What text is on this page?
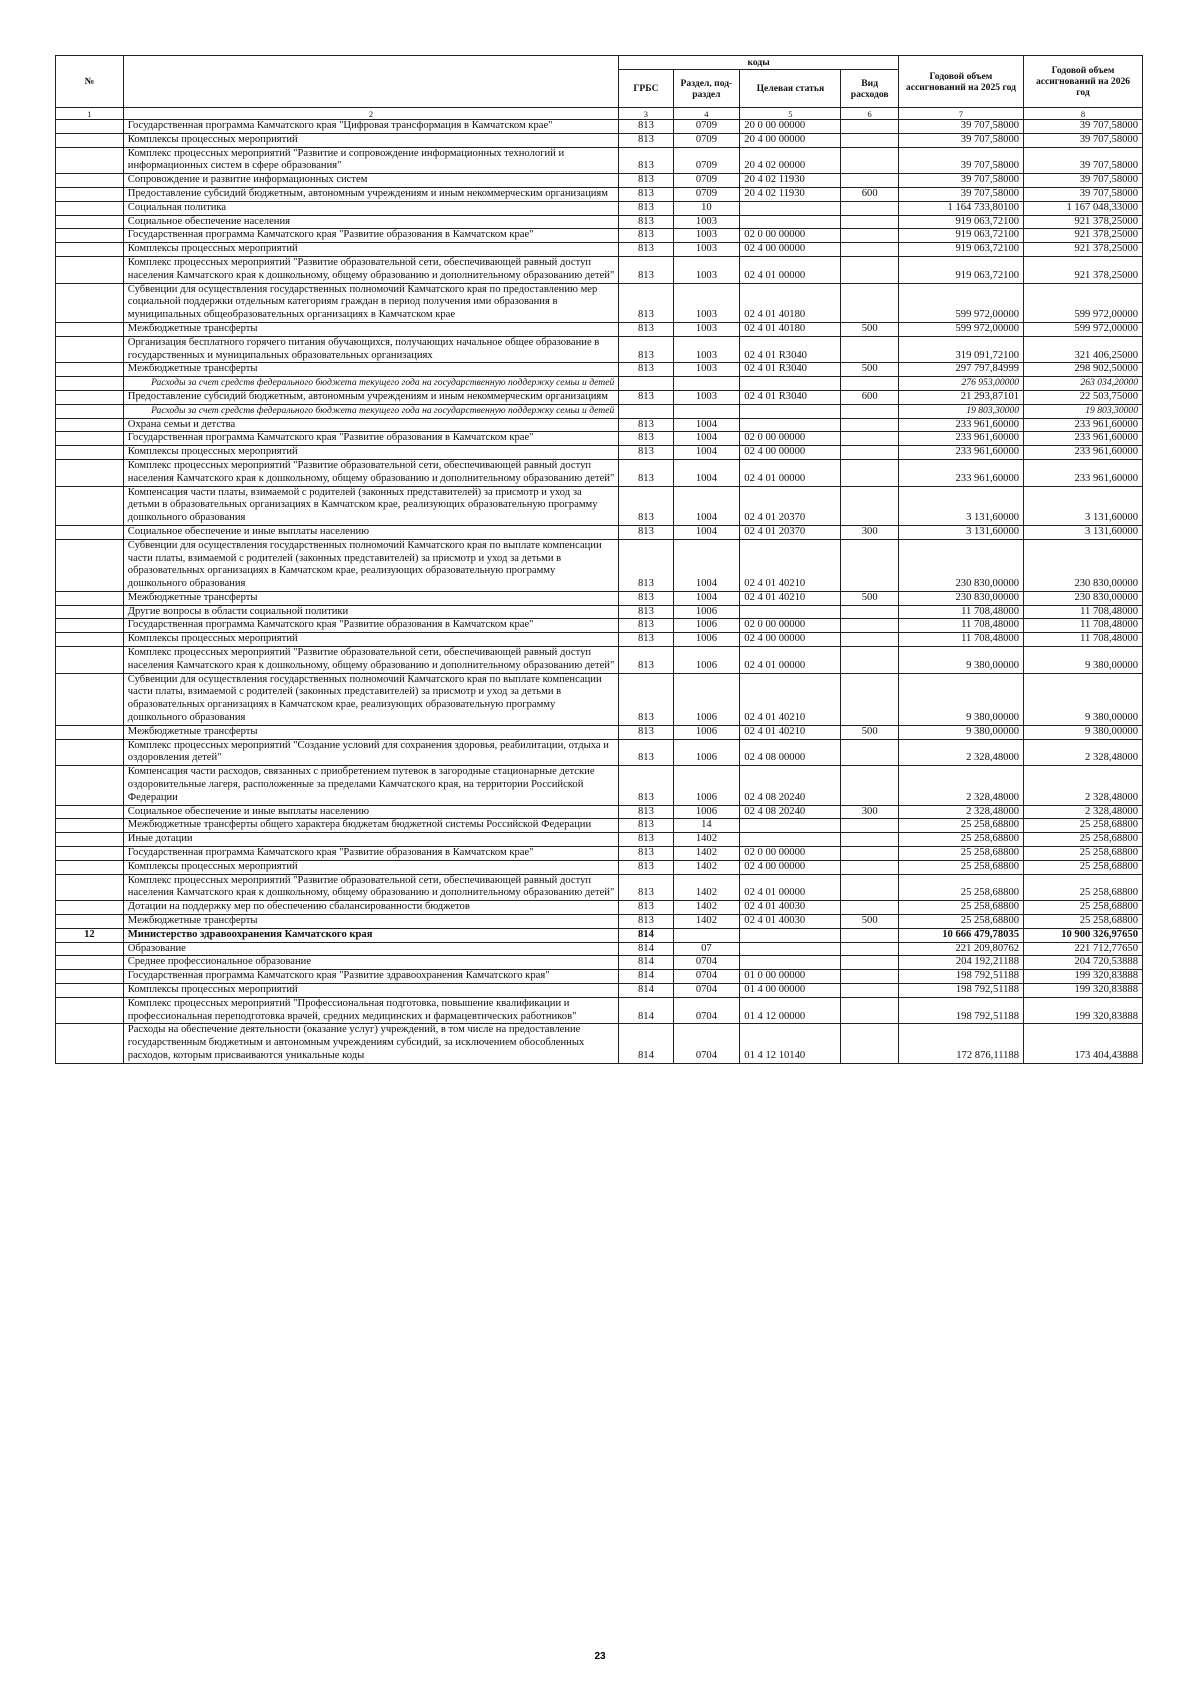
№		коды				Годовой объем ассигнований на 2025 год	Годовой объем ассигнований на 2026 год
		ГРБС	Раздел, под-раздел	Целевая статья	Вид расходов		
1	2	3	4	5	6	7	8
	Государственная программа Камчатского края "Цифровая трансформация в Камчатском крае"	813	0709	20 0 00 00000		39 707,58000	39 707,58000
	Комплексы процессных мероприятий	813	0709	20 4 00 00000		39 707,58000	39 707,58000
	Комплекс процессных мероприятий "Развитие и сопровождение информационных технологий и информационных систем в сфере образования"	813	0709	20 4 02 00000		39 707,58000	39 707,58000
	Сопровождение и развитие информационных систем	813	0709	20 4 02 11930		39 707,58000	39 707,58000
	Предоставление субсидий бюджетным, автономным учреждениям и иным некоммерческим организациям	813	0709	20 4 02 11930	600	39 707,58000	39 707,58000
	Социальная политика	813	10			1 164 733,80100	1 167 048,33000
	Социальное обеспечение населения	813	1003			919 063,72100	921 378,25000
	Государственная программа Камчатского края "Развитие образования в Камчатском крае"	813	1003	02 0 00 00000		919 063,72100	921 378,25000
	Комплексы процессных мероприятий	813	1003	02 4 00 00000		919 063,72100	921 378,25000
	Комплекс процессных мероприятий "Развитие образовательной сети, обеспечивающей равный доступ населения Камчатского края к дошкольному, общему образованию и дополнительному образованию детей"	813	1003	02 4 01 00000		919 063,72100	921 378,25000
	Субвенции для осуществления государственных полномочий Камчатского края по предоставлению мер социальной поддержки отдельным категориям граждан в период получения ими образования в муниципальных общеобразовательных организациях в Камчатском крае	813	1003	02 4 01 40180		599 972,00000	599 972,00000
	Межбюджетные трансферты	813	1003	02 4 01 40180	500	599 972,00000	599 972,00000
	Организация бесплатного горячего питания обучающихся, получающих начальное общее образование в государственных и муниципальных образовательных организациях	813	1003	02 4 01 R3040		319 091,72100	321 406,25000
	Межбюджетные трансферты	813	1003	02 4 01 R3040	500	297 797,84999	298 902,50000
	Расходы за счет средств федерального бюджета текущего года на государственную поддержку семьи и детей					276 953,00000	263 034,20000
	Предоставление субсидий бюджетным, автономным учреждениям и иным некоммерческим организациям	813	1003	02 4 01 R3040	600	21 293,87101	22 503,75000
	Расходы за счет средств федерального бюджета текущего года на государственную поддержку семьи и детей					19 803,30000	19 803,30000
	Охрана семьи и детства	813	1004			233 961,60000	233 961,60000
	Государственная программа Камчатского края "Развитие образования в Камчатском крае"	813	1004	02 0 00 00000		233 961,60000	233 961,60000
	Комплексы процессных мероприятий	813	1004	02 4 00 00000		233 961,60000	233 961,60000
	Комплекс процессных мероприятий "Развитие образовательной сети, обеспечивающей равный доступ населения Камчатского края к дошкольному, общему образованию и дополнительному образованию детей"	813	1004	02 4 01 00000		233 961,60000	233 961,60000
	Компенсация части платы, взимаемой с родителей (законных представителей) за присмотр и уход за детьми в образовательных организациях в Камчатском крае, реализующих образовательную программу дошкольного образования	813	1004	02 4 01 20370		3 131,60000	3 131,60000
	Социальное обеспечение и иные выплаты населению	813	1004	02 4 01 20370	300	3 131,60000	3 131,60000
	Субвенции для осуществления государственных полномочий Камчатского края по выплате компенсации части платы, взимаемой с родителей (законных представителей) за присмотр и уход за детьми в образовательных организациях в Камчатском крае, реализующих образовательную программу дошкольного образования	813	1004	02 4 01 40210		230 830,00000	230 830,00000
	Межбюджетные трансферты	813	1004	02 4 01 40210	500	230 830,00000	230 830,00000
	Другие вопросы в области социальной политики	813	1006			11 708,48000	11 708,48000
	Государственная программа Камчатского края "Развитие образования в Камчатском крае"	813	1006	02 0 00 00000		11 708,48000	11 708,48000
	Комплексы процессных мероприятий	813	1006	02 4 00 00000		11 708,48000	11 708,48000
	Комплекс процессных мероприятий "Развитие образовательной сети, обеспечивающей равный доступ населения Камчатского края к дошкольному, общему образованию и дополнительному образованию детей"	813	1006	02 4 01 00000		9 380,00000	9 380,00000
	Субвенции для осуществления государственных полномочий Камчатского края по выплате компенсации части платы, взимаемой с родителей (законных представителей) за присмотр и уход за детьми в образовательных организациях в Камчатском крае, реализующих образовательную программу дошкольного образования	813	1006	02 4 01 40210		9 380,00000	9 380,00000
	Межбюджетные трансферты	813	1006	02 4 01 40210	500	9 380,00000	9 380,00000
	Комплекс процессных мероприятий "Создание условий для сохранения здоровья, реабилитации, отдыха и оздоровления детей"	813	1006	02 4 08 00000		2 328,48000	2 328,48000
	Компенсация части расходов, связанных с приобретением путевок в загородные стационарные детские оздоровительные лагеря, расположенные за пределами Камчатского края, на территории Российской Федерации	813	1006	02 4 08 20240		2 328,48000	2 328,48000
	Социальное обеспечение и иные выплаты населению	813	1006	02 4 08 20240	300	2 328,48000	2 328,48000
	Межбюджетные трансферты общего характера бюджетам бюджетной системы Российской Федерации	813	14			25 258,68800	25 258,68800
	Иные дотации	813	1402			25 258,68800	25 258,68800
	Государственная программа Камчатского края "Развитие образования в Камчатском крае"	813	1402	02 0 00 00000		25 258,68800	25 258,68800
	Комплексы процессных мероприятий	813	1402	02 4 00 00000		25 258,68800	25 258,68800
	Комплекс процессных мероприятий "Развитие образовательной сети, обеспечивающей равный доступ населения Камчатского края к дошкольному, общему образованию и дополнительному образованию детей"	813	1402	02 4 01 00000		25 258,68800	25 258,68800
	Дотации на поддержку мер по обеспечению сбалансированности бюджетов	813	1402	02 4 01 40030		25 258,68800	25 258,68800
	Межбюджетные трансферты	813	1402	02 4 01 40030	500	25 258,68800	25 258,68800
12	Министерство здравоохранения Камчатского края	814				10 666 479,78035	10 900 326,97650
	Образование	814	07			221 209,80762	221 712,77650
	Среднее профессиональное образование	814	0704			204 192,21188	204 720,53888
	Государственная программа Камчатского края "Развитие здравоохранения Камчатского края"	814	0704	01 0 00 00000		198 792,51188	199 320,83888
	Комплексы процессных мероприятий	814	0704	01 4 00 00000		198 792,51188	199 320,83888
	Комплекс процессных мероприятий "Профессиональная подготовка, повышение квалификации и профессиональная переподготовка врачей, средних медицинских и фармацевтических работников"	814	0704	01 4 12 00000		198 792,51188	199 320,83888
	Расходы на обеспечение деятельности (оказание услуг) учреждений, в том числе на предоставление государственным бюджетным и автономным учреждениям субсидий, за исключением обособленных расходов, которым присваиваются уникальные коды	814	0704	01 4 12 10140		172 876,11188	173 404,43888
23
